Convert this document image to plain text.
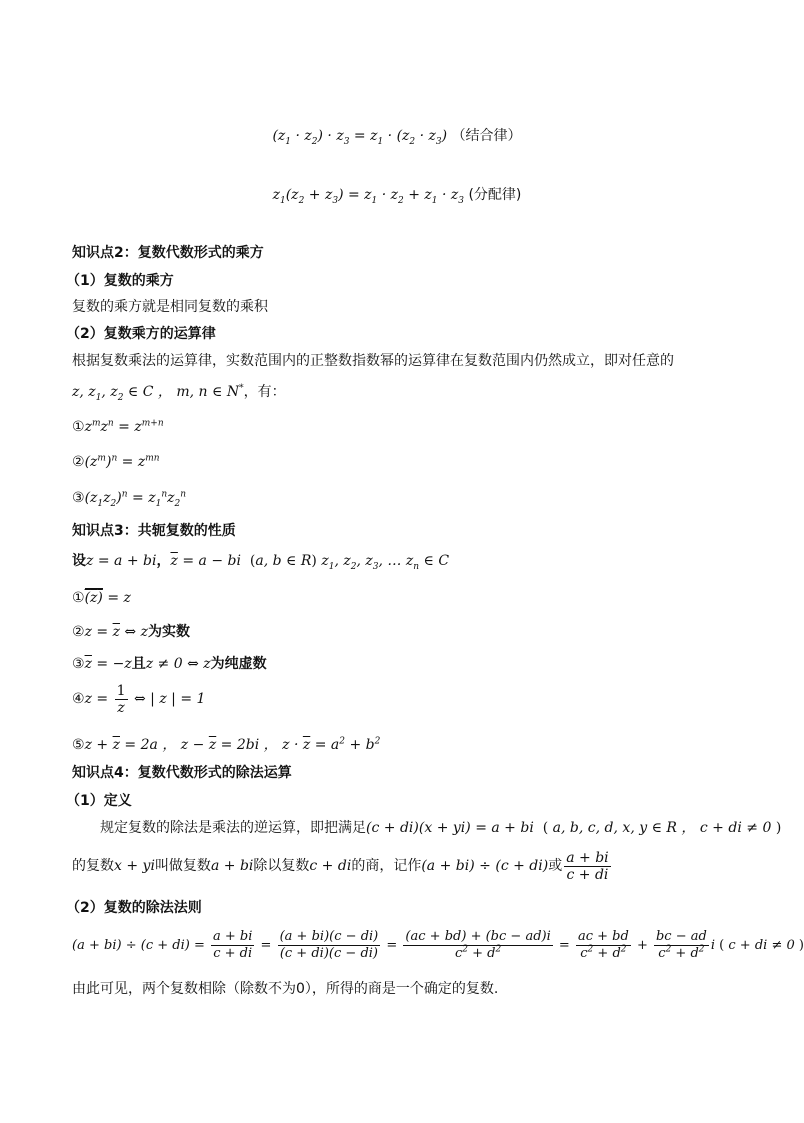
$(z_1 \cdot z_2) \cdot z_3 = z_1 \cdot (z_2 \cdot z_3)$ （结合律）
$z_1(z_2 + z_3) = z_1 \cdot z_2 + z_1 \cdot z_3$ (分配律)
知识点2：复数代数形式的乘方
（1）复数的乘方
复数的乘方就是相同复数的乘积
（2）复数乘方的运算律
根据复数乘法的运算律，实数范围内的正整数指数幂的运算律在复数范围内仍然成立，即对任意的
z, $z_1$, $z_2$ ∈ C ， m, n ∈ N*，有：
$①z^mz^n = z^{m+n}$
$②(z^m)^n = z^{mn}$
$③(z_1z_2)^n = z_1^nz_2^n$
知识点3：共轭复数的性质
设z = a + bi，$\overline{z} = a$ − bi (a, b ∈ R) $z_1$, $z_2$, $z_3$, … $z_n$ ∈ C
①(z) = z
②z = $\overline{z}$ ⇔ z为实数
$③\overline{z} = -z$且z ≠ 0 ⇔ z为纯虚数
④z = $\frac{1}{z}$ ⇔ | z | = 1
⑤z + $\overline{z} = 2a$ ， $z - \overline{z} = 2bi$ ， $z \cdot \overline{z} = a^2 + b^2$
知识点4：复数代数形式的除法运算
（1）定义
规定复数的除法是乘法的逆运算，即把满足(c + di)(x + yi) = a + bi ( a, b, c, d, x, y ∈ R ， c + di ≠ 0 )
的复数x + yi叫做复数a + bi除以复数c + di的商，记作(a + bi) ÷ (c + di)或 $\frac{a + bi}{c + di}$
（2）复数的除法法则
$(a + bi) \div (c + di) = \frac{a + bi}{c + di} = \frac{(a + bi)(c - di)}{(c + di)(c - di)} = \frac{(ac + bd) + (bc - ad)i}{c^2 + d^2} = \frac{ac + bd}{c^2 + d^2} + \frac{bc - ad}{c^2 + d^2}$ i ( c + di ≠ 0 )
由此可见，两个复数相除（除数不为0），所得的商是一个确定的复数.
